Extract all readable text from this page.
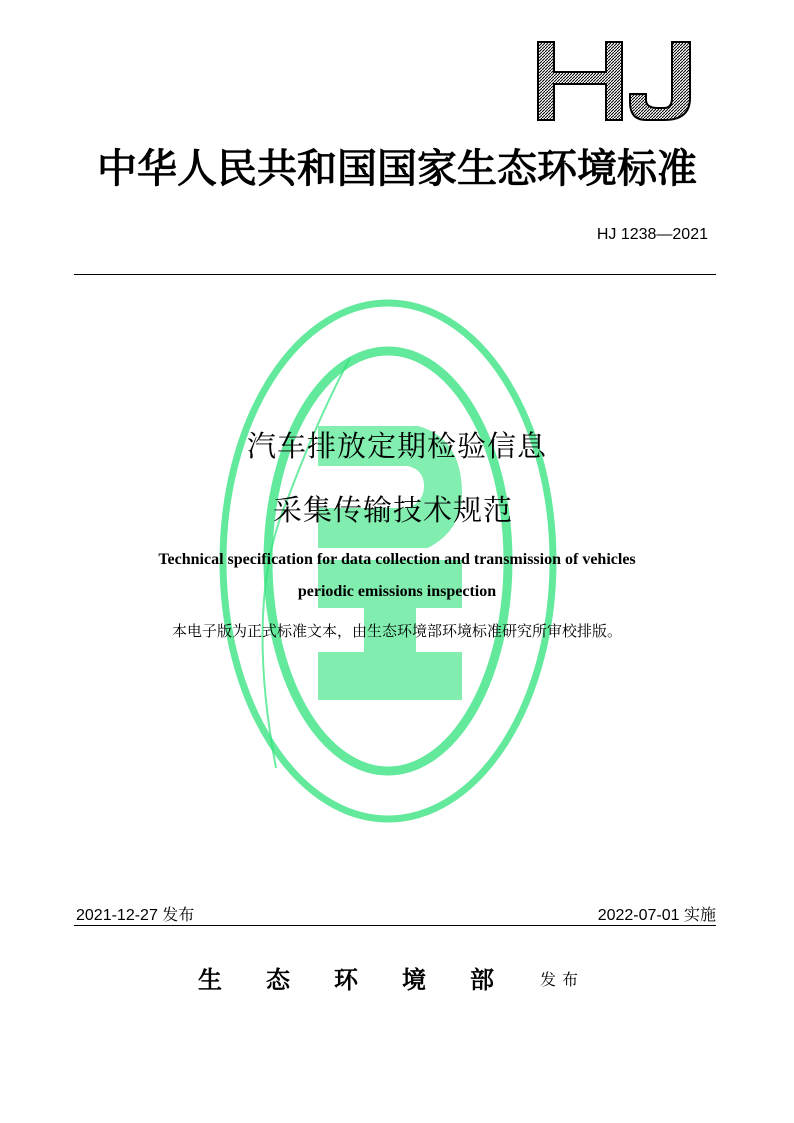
中华人民共和国国家生态环境标准
HJ 1238—2021
汽车排放定期检验信息
采集传输技术规范
Technical specification for data collection and transmission of vehicles
periodic emissions inspection
本电子版为正式标准文本，由生态环境部环境标准研究所审校排版。
2021-12-27 发布	2022-07-01 实施
生态环境部 发布
